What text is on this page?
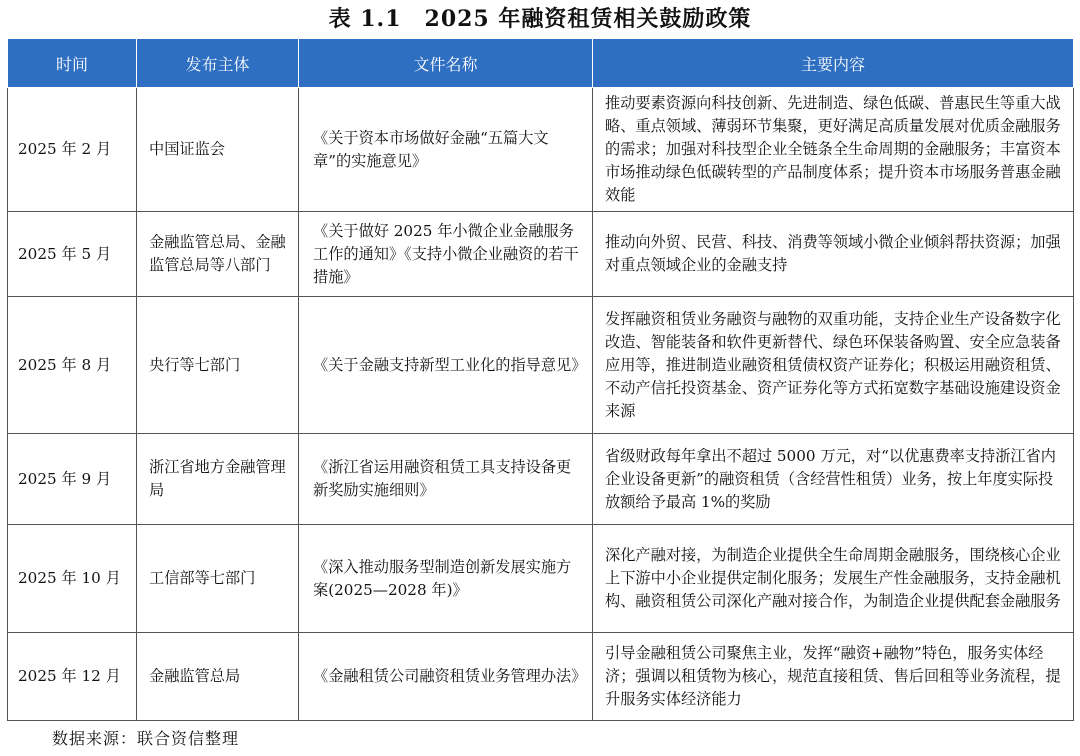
表 1.1　2025 年融资租赁相关鼓励政策
时间	发布主体	文件名称	主要内容
2025 年 2 月	中国证监会	《关于资本市场做好金融“五篇大文章”的实施意见》	推动要素资源向科技创新、先进制造、绿色低碳、普惠民生等重大战略、重点领域、薄弱环节集聚，更好满足高质量发展对优质金融服务的需求；加强对科技型企业全链条全生命周期的金融服务；丰富资本市场推动绿色低碳转型的产品制度体系；提升资本市场服务普惠金融效能
2025 年 5 月	金融监管总局、金融监管总局等八部门	《关于做好 2025 年小微企业金融服务工作的通知》《支持小微企业融资的若干措施》	推动向外贸、民营、科技、消费等领域小微企业倾斜帮扶资源；加强对重点领域企业的金融支持
2025 年 8 月	央行等七部门	《关于金融支持新型工业化的指导意见》	发挥融资租赁业务融资与融物的双重功能，支持企业生产设备数字化改造、智能装备和软件更新替代、绿色环保装备购置、安全应急装备应用等，推进制造业融资租赁债权资产证券化；积极运用融资租赁、不动产信托投资基金、资产证券化等方式拓宽数字基础设施建设资金来源
2025 年 9 月	浙江省地方金融管理局	《浙江省运用融资租赁工具支持设备更新奖励实施细则》	省级财政每年拿出不超过 5000 万元，对“以优惠费率支持浙江省内企业设备更新”的融资租赁（含经营性租赁）业务，按上年度实际投放额给予最高 1%的奖励
2025 年 10 月	工信部等七部门	《深入推动服务型制造创新发展实施方案(2025—2028 年)》	深化产融对接，为制造企业提供全生命周期金融服务，围绕核心企业上下游中小企业提供定制化服务；发展生产性金融服务，支持金融机构、融资租赁公司深化产融对接合作，为制造企业提供配套金融服务
2025 年 12 月	金融监管总局	《金融租赁公司融资租赁业务管理办法》	引导金融租赁公司聚焦主业，发挥“融资+融物”特色，服务实体经济；强调以租赁物为核心，规范直接租赁、售后回租等业务流程，提升服务实体经济能力
数据来源：联合资信整理
